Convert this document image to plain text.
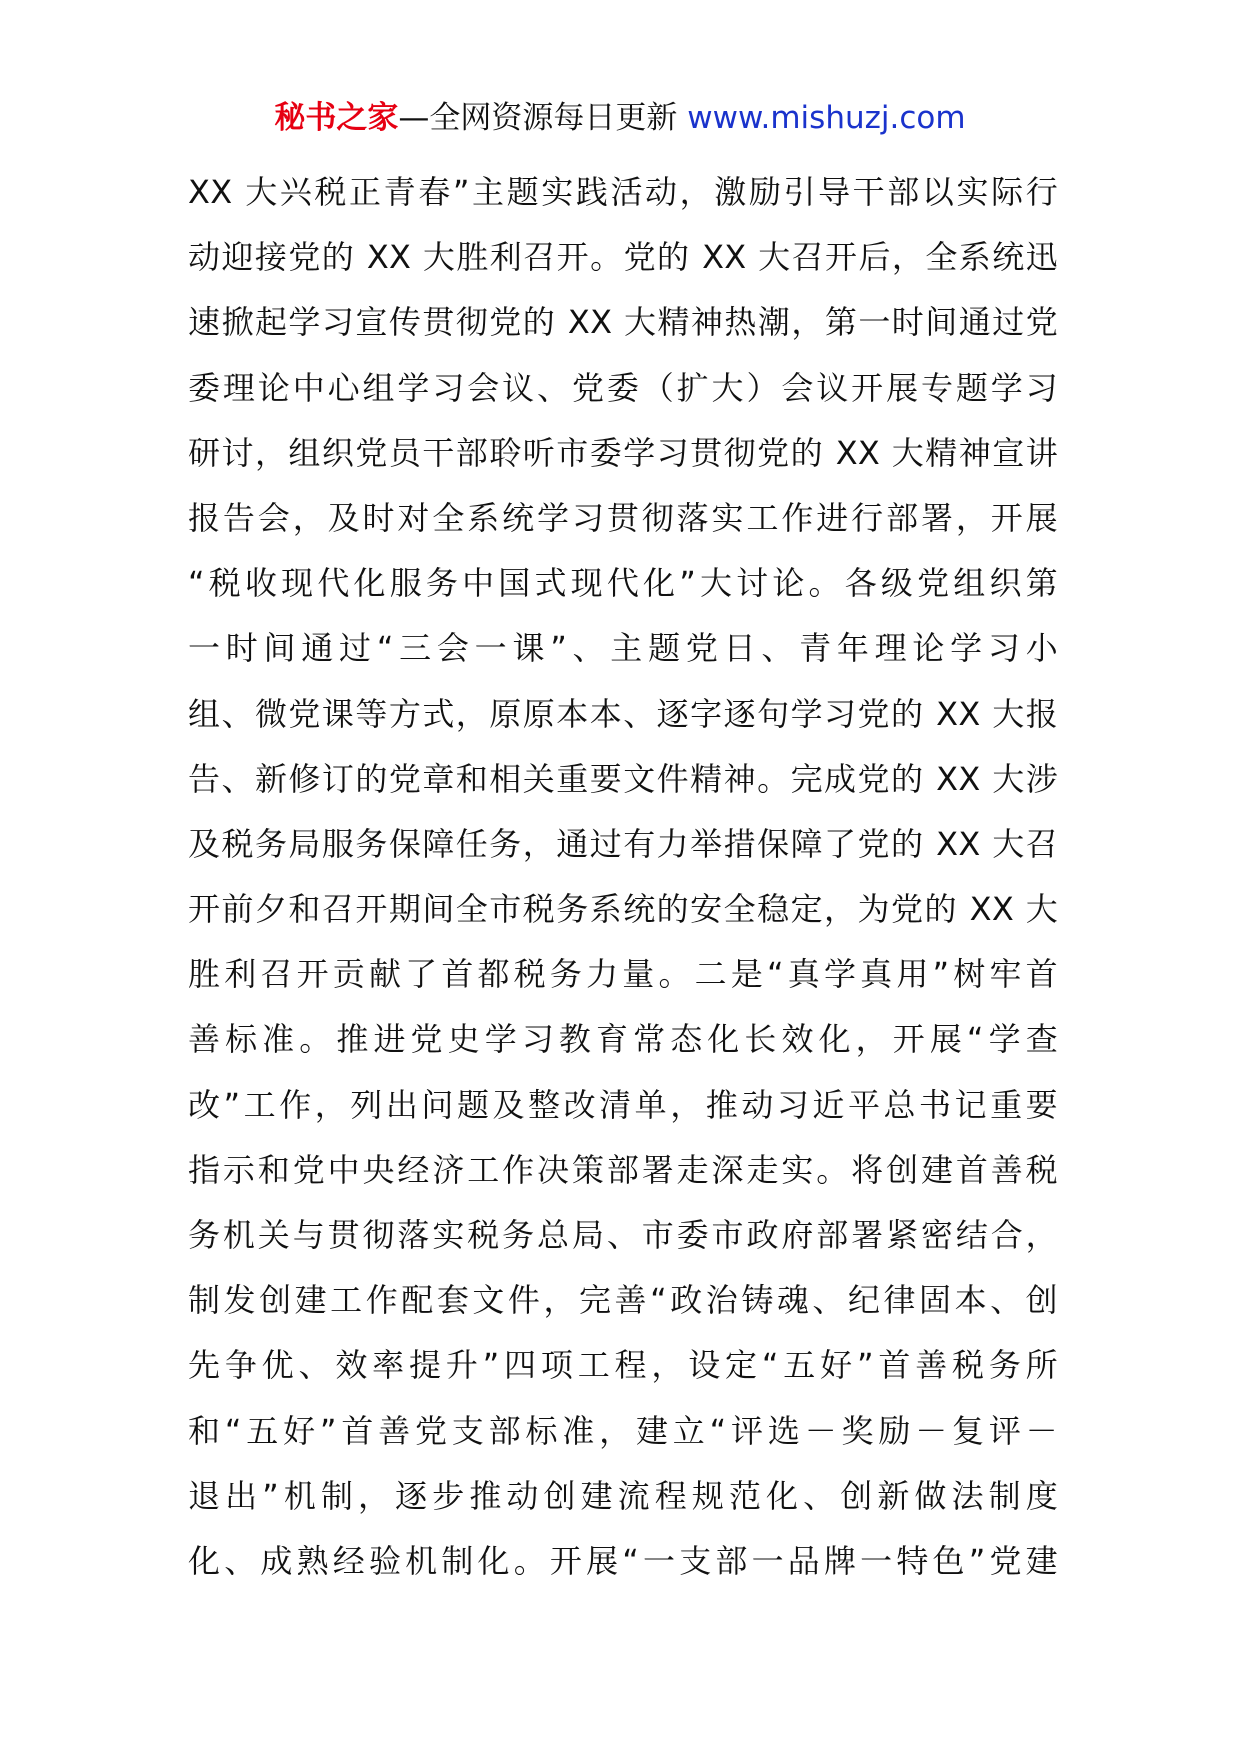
秘书之家—全网资源每日更新 www.mishuzj.com
XX 大兴税正青春”主题实践活动，激励引导干部以实际行
动迎接党的 XX 大胜利召开。党的 XX 大召开后，全系统迅
速掀起学习宣传贯彻党的 XX 大精神热潮，第一时间通过党
委理论中心组学习会议、党委（扩大）会议开展专题学习
研讨，组织党员干部聆听市委学习贯彻党的 XX 大精神宣讲
报告会，及时对全系统学习贯彻落实工作进行部署，开展
“税收现代化服务中国式现代化”大讨论。各级党组织第
一时间通过“三会一课”、主题党日、青年理论学习小
组、微党课等方式，原原本本、逐字逐句学习党的 XX 大报
告、新修订的党章和相关重要文件精神。完成党的 XX 大涉
及税务局服务保障任务，通过有力举措保障了党的 XX 大召
开前夕和召开期间全市税务系统的安全稳定，为党的 XX 大
胜利召开贡献了首都税务力量。二是“真学真用”树牢首
善标准。推进党史学习教育常态化长效化，开展“学查
改”工作，列出问题及整改清单，推动习近平总书记重要
指示和党中央经济工作决策部署走深走实。将创建首善税
务机关与贯彻落实税务总局、市委市政府部署紧密结合，
制发创建工作配套文件，完善“政治铸魂、纪律固本、创
先争优、效率提升”四项工程，设定“五好”首善税务所
和“五好”首善党支部标准，建立“评选－奖励－复评－
退出”机制，逐步推动创建流程规范化、创新做法制度
化、成熟经验机制化。开展“一支部一品牌一特色”党建
